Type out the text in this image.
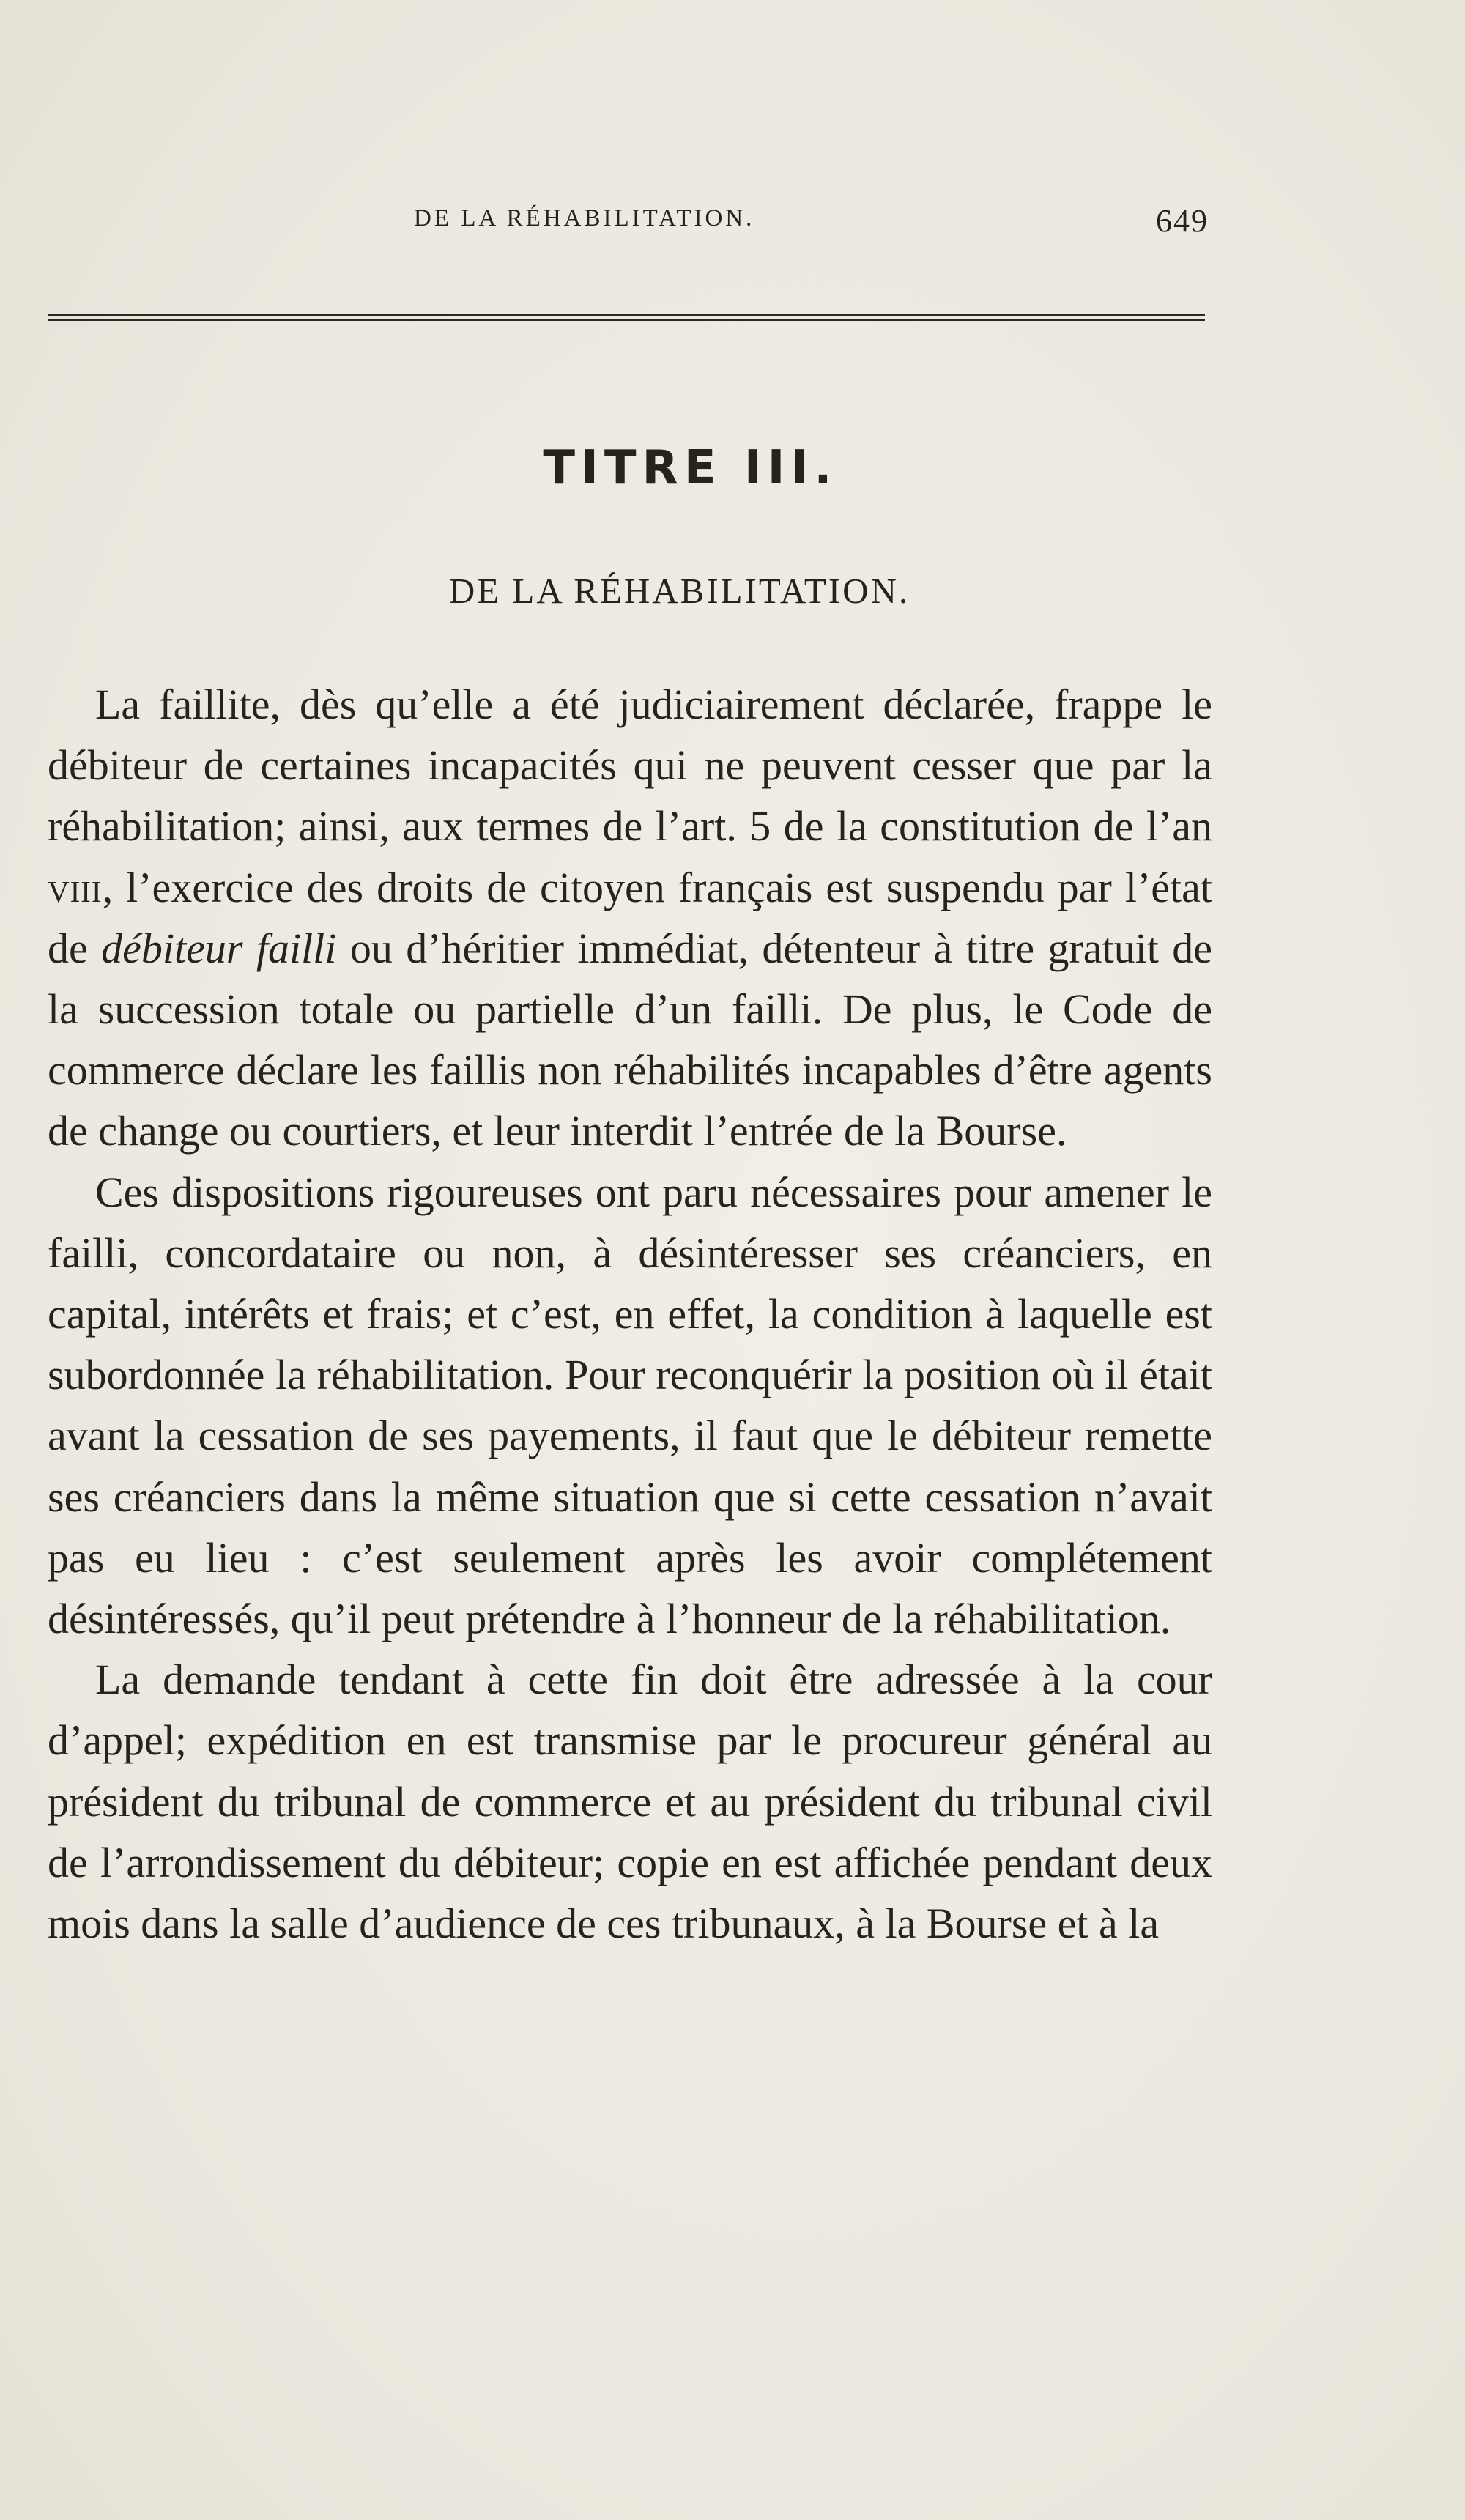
DE LA RÉHABILITATION.	649
TITRE III.
DE LA RÉHABILITATION.

La faillite, dès qu’elle a été judiciairement déclarée, frappe le débiteur de certaines incapacités qui ne peuvent cesser que par la réhabilitation; ainsi, aux termes de l’art. 5 de la constitution de l’an viii, l’exercice des droits de citoyen français est suspendu par l’état de débiteur failli ou d’héritier immédiat, détenteur à titre gratuit de la succession totale ou partielle d’un failli. De plus, le Code de commerce déclare les faillis non réhabilités incapables d’être agents de change ou courtiers, et leur interdit l’entrée de la Bourse.

Ces dispositions rigoureuses ont paru nécessaires pour amener le failli, concordataire ou non, à désintéresser ses créanciers, en capital, intérêts et frais; et c’est, en effet, la condition à laquelle est subordonnée la réhabilitation. Pour reconquérir la position où il était avant la cessation de ses payements, il faut que le débiteur remette ses créanciers dans la même situation que si cette cessation n’avait pas eu lieu : c’est seulement après les avoir complétement désintéressés, qu’il peut prétendre à l’honneur de la réhabilitation.

La demande tendant à cette fin doit être adressée à la cour d’appel; expédition en est transmise par le procureur général au président du tribunal de commerce et au président du tribunal civil de l’arrondissement du débiteur; copie en est affichée pendant deux mois dans la salle d’audience de ces tribunaux, à la Bourse et à la
